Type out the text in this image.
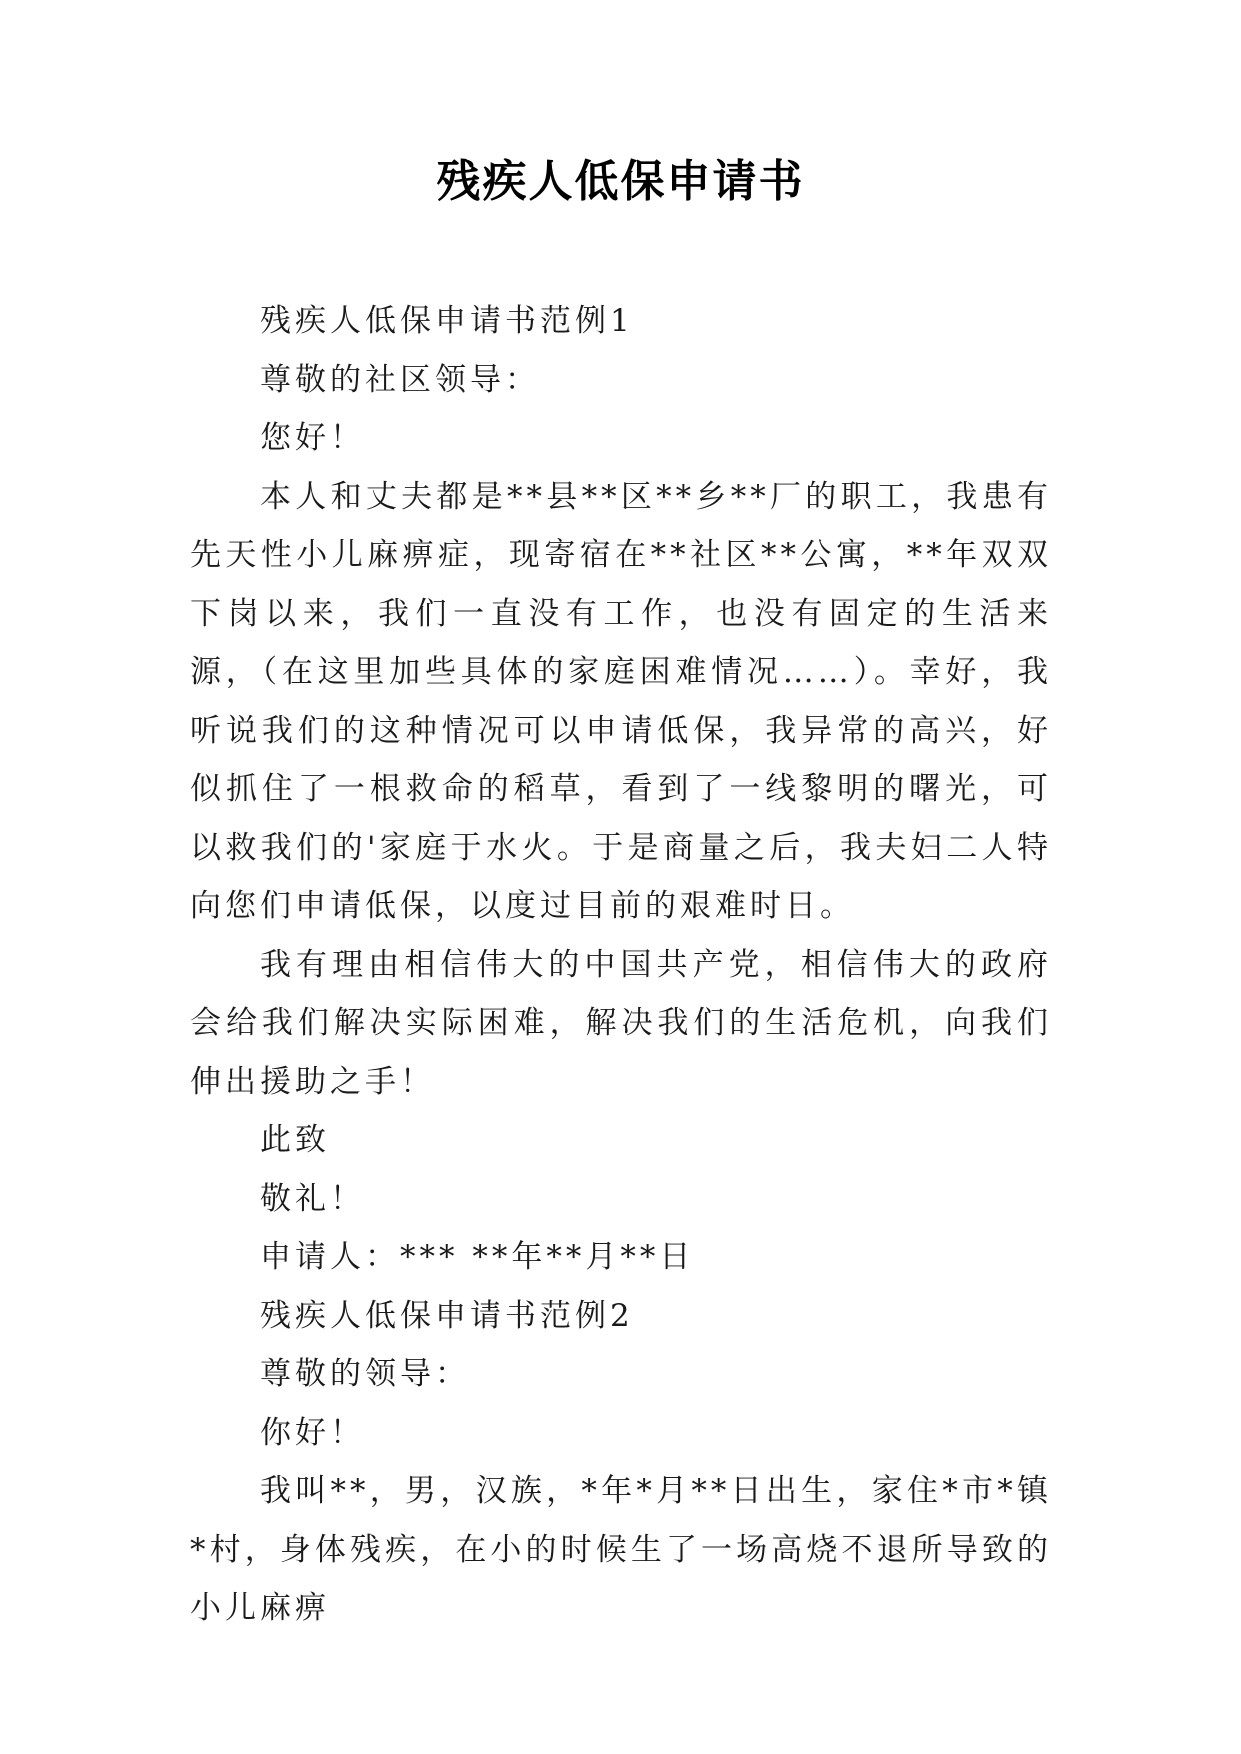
残疾人低保申请书

残疾人低保申请书范例1

尊敬的社区领导：

您好！

本人和丈夫都是**县**区**乡**厂的职工，我患有先天性小儿麻痹症，现寄宿在**社区**公寓，**年双双下岗以来，我们一直没有工作，也没有固定的生活来源，（在这里加些具体的家庭困难情况……）。幸好，我听说我们的这种情况可以申请低保，我异常的高兴，好似抓住了一根救命的稻草，看到了一线黎明的曙光，可以救我们的'家庭于水火。于是商量之后，我夫妇二人特向您们申请低保，以度过目前的艰难时日。

我有理由相信伟大的中国共产党，相信伟大的政府会给我们解决实际困难，解决我们的生活危机，向我们伸出援助之手！

此致

敬礼！

申请人：*** **年**月**日

残疾人低保申请书范例2

尊敬的领导：

你好！

我叫**，男，汉族，*年*月**日出生，家住*市*镇*村，身体残疾，在小的时候生了一场高烧不退所导致的小儿麻痹
